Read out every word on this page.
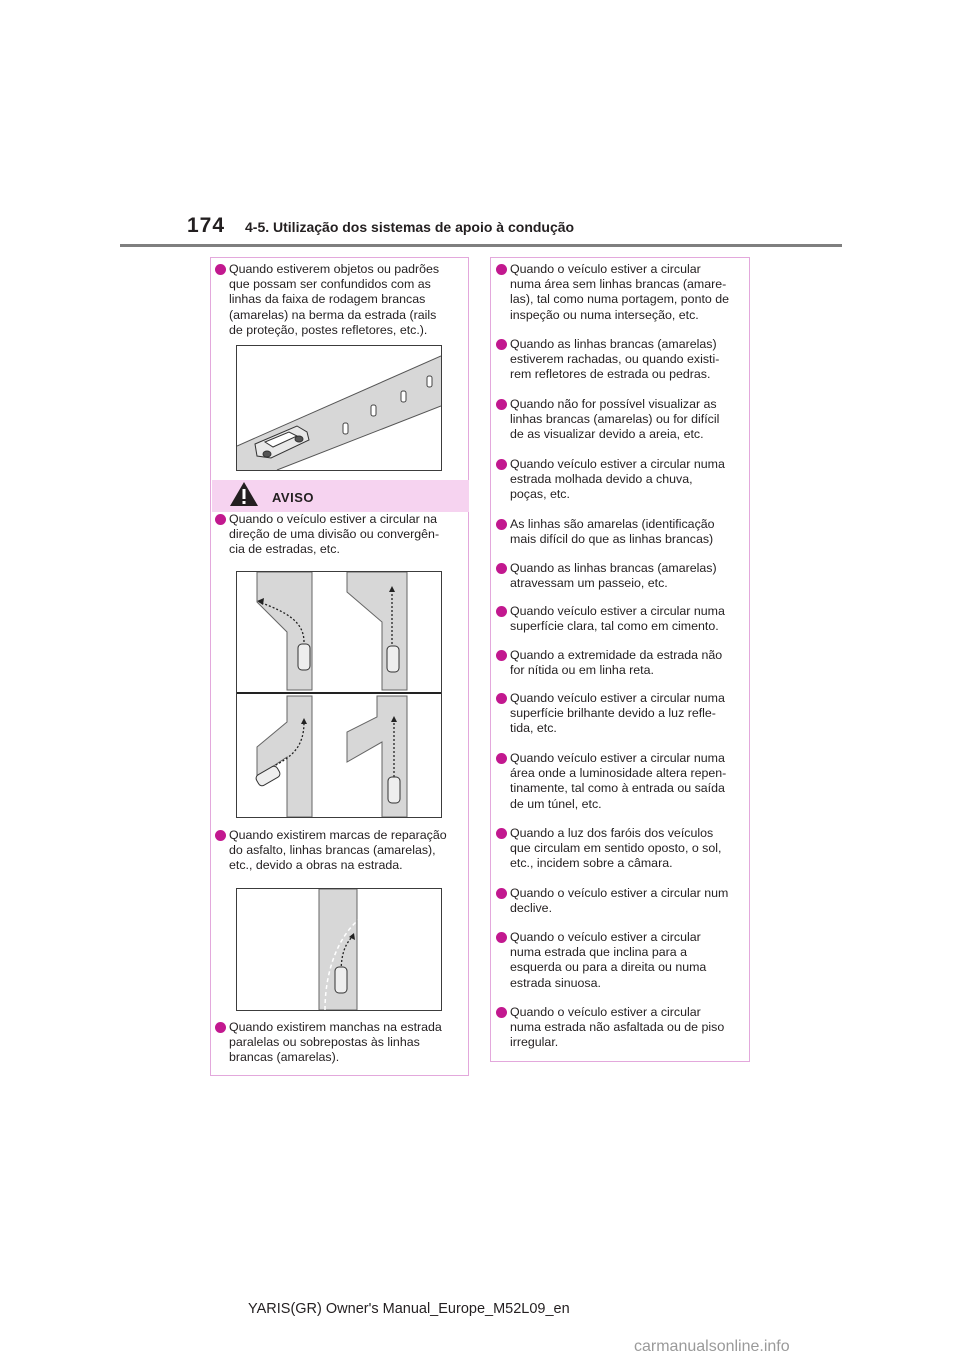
174 4-5. Utilização dos sistemas de apoio à condução
Quando estiverem objetos ou padrões
que possam ser confundidos com as
linhas da faixa de rodagem brancas
(amarelas) na berma da estrada (rails
de proteção, postes refletores, etc.).
AVISO
Quando o veículo estiver a circular na
direção de uma divisão ou convergên-
cia de estradas, etc.
Quando existirem marcas de reparação
do asfalto, linhas brancas (amarelas),
etc., devido a obras na estrada.
Quando existirem manchas na estrada
paralelas ou sobrepostas às linhas
brancas (amarelas).
Quando o veículo estiver a circular
numa área sem linhas brancas (amare-
las), tal como numa portagem, ponto de
inspeção ou numa interseção, etc.
Quando as linhas brancas (amarelas)
estiverem rachadas, ou quando existi-
rem refletores de estrada ou pedras.
Quando não for possível visualizar as
linhas brancas (amarelas) ou for difícil
de as visualizar devido a areia, etc.
Quando veículo estiver a circular numa
estrada molhada devido a chuva,
poças, etc.
As linhas são amarelas (identificação
mais difícil do que as linhas brancas)
Quando as linhas brancas (amarelas)
atravessam um passeio, etc.
Quando veículo estiver a circular numa
superfície clara, tal como em cimento.
Quando a extremidade da estrada não
for nítida ou em linha reta.
Quando veículo estiver a circular numa
superfície brilhante devido a luz refle-
tida, etc.
Quando veículo estiver a circular numa
área onde a luminosidade altera repen-
tinamente, tal como à entrada ou saída
de um túnel, etc.
Quando a luz dos faróis dos veículos
que circulam em sentido oposto, o sol,
etc., incidem sobre a câmara.
Quando o veículo estiver a circular num
declive.
Quando o veículo estiver a circular
numa estrada que inclina para a
esquerda ou para a direita ou numa
estrada sinuosa.
Quando o veículo estiver a circular
numa estrada não asfaltada ou de piso
irregular.
YARIS(GR) Owner's Manual_Europe_M52L09_en
carmanualsonline.info
